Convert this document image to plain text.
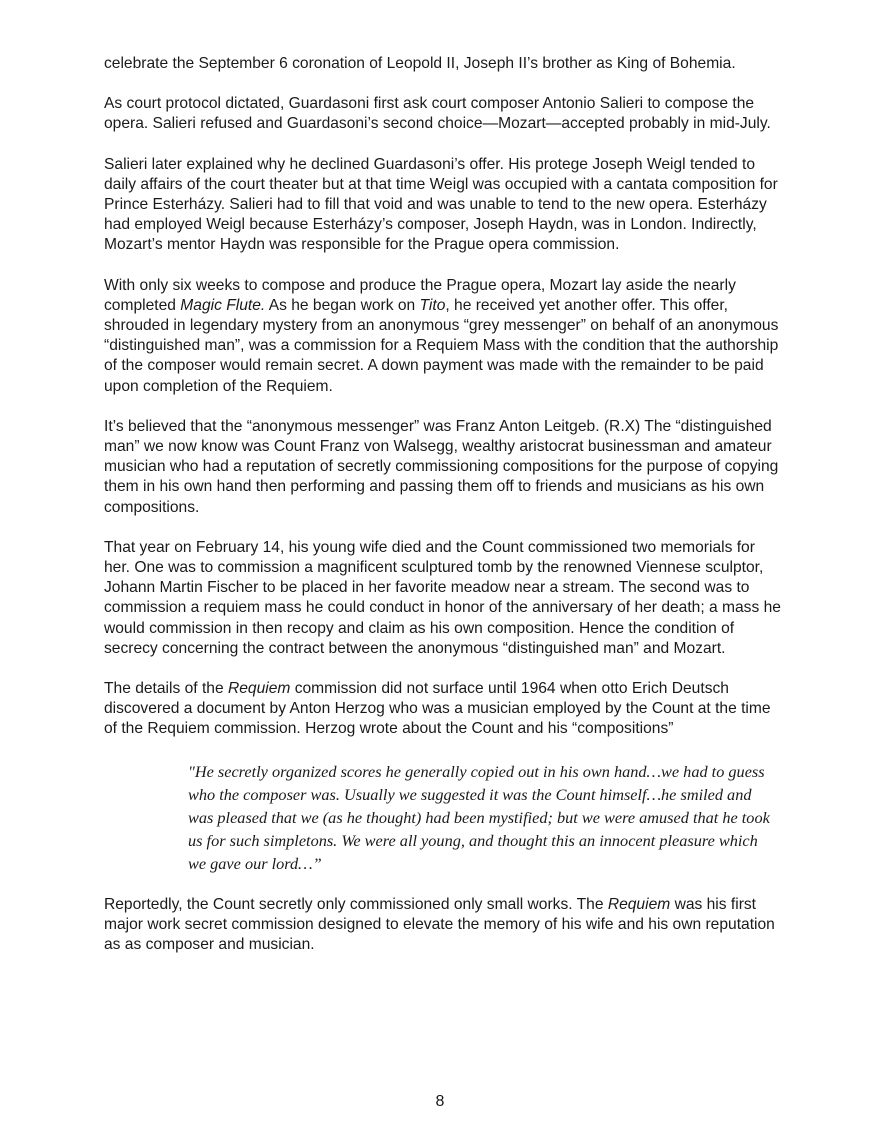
celebrate the September 6 coronation of Leopold II, Joseph II’s brother as King of Bohemia.

As court protocol dictated, Guardasoni first ask court composer Antonio Salieri to compose the opera. Salieri refused and Guardasoni’s second choice—Mozart—accepted probably in mid-July.

Salieri later explained why he declined Guardasoni’s offer. His protege Joseph Weigl tended to daily affairs of the court theater but at that time Weigl was occupied with a cantata composition for Prince Esterházy. Salieri had to fill that void and was unable to tend to the new opera. Esterházy had employed Weigl because Esterházy’s composer, Joseph Haydn, was in London. Indirectly, Mozart’s mentor Haydn was responsible for the Prague opera commission.

With only six weeks to compose and produce the Prague opera, Mozart lay aside the nearly completed Magic Flute. As he began work on Tito, he received yet another offer. This offer, shrouded in legendary mystery from an anonymous “grey messenger” on behalf of an anonymous “distinguished man”, was a commission for a Requiem Mass with the condition that the authorship of the composer would remain secret. A down payment was made with the remainder to be paid upon completion of the Requiem.

It’s believed that the “anonymous messenger” was Franz Anton Leitgeb. (R.X) The “distinguished man” we now know was Count Franz von Walsegg, wealthy aristocrat businessman and amateur musician who had a reputation of secretly commissioning compositions for the purpose of copying them in his own hand then performing and passing them off to friends and musicians as his own compositions.

That year on February 14, his young wife died and the Count commissioned two memorials for her. One was to commission a magnificent sculptured tomb by the renowned Viennese sculptor, Johann Martin Fischer to be placed in her favorite meadow near a stream. The second was to commission a requiem mass he could conduct in honor of the anniversary of her death; a mass he would commission in then recopy and claim as his own composition. Hence the condition of secrecy concerning the contract between the anonymous “distinguished man” and Mozart.

The details of the Requiem commission did not surface until 1964 when otto Erich Deutsch discovered a document by Anton Herzog who was a musician employed by the Count at the time of the Requiem commission. Herzog wrote about the Count and his “compositions”

"He secretly organized scores he generally copied out in his own hand…we had to guess who the composer was. Usually we suggested it was the Count himself…he smiled and was pleased that we (as he thought) had been mystified; but we were amused that he took us for such simpletons. We were all young, and thought this an innocent pleasure which we gave our lord…”

Reportedly, the Count secretly only commissioned only small works. The Requiem was his first major work secret commission designed to elevate the memory of his wife and his own reputation as as composer and musician.

8
